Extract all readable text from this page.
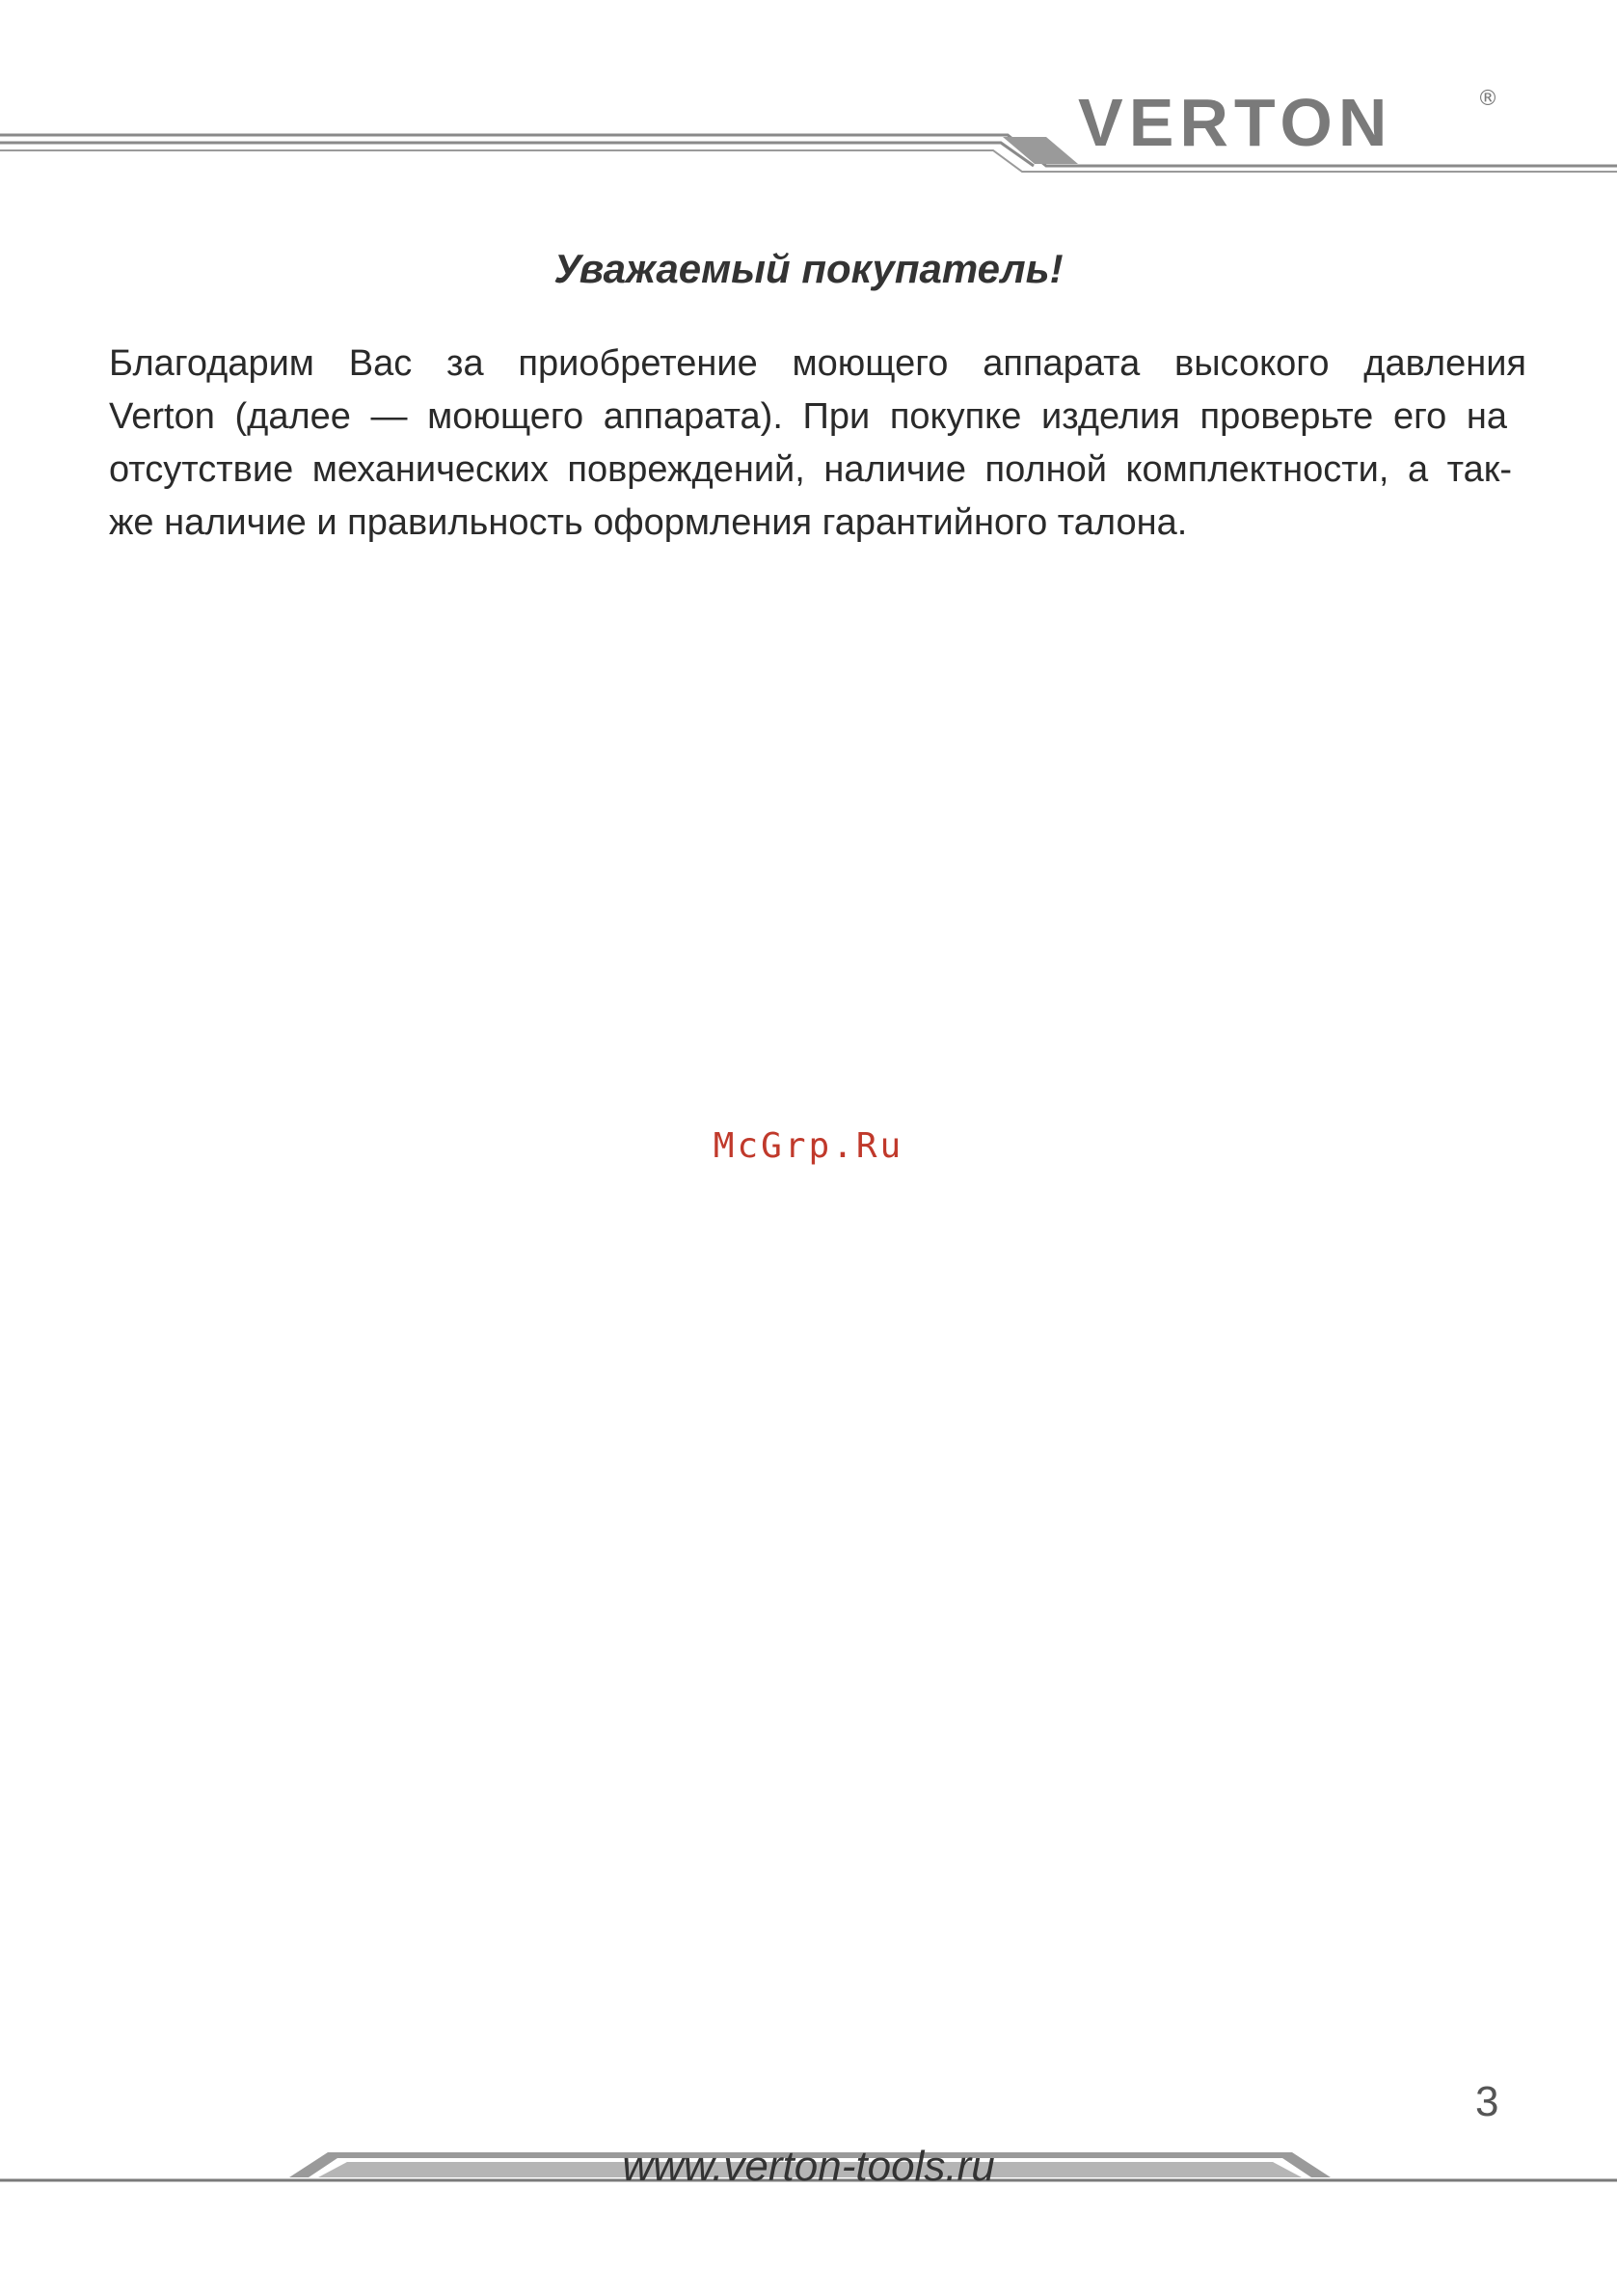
VERTON	®
Уважаемый покупатель!
Благодарим Вас за приобретение моющего аппарата высокого давления
Verton (далее — моющего аппарата). При покупке изделия проверьте его на
отсутствие механических повреждений, наличие полной комплектности, а так-
же наличие и правильность оформления гарантийного талона.
McGrp.Ru
3
www.verton-tools.ru
